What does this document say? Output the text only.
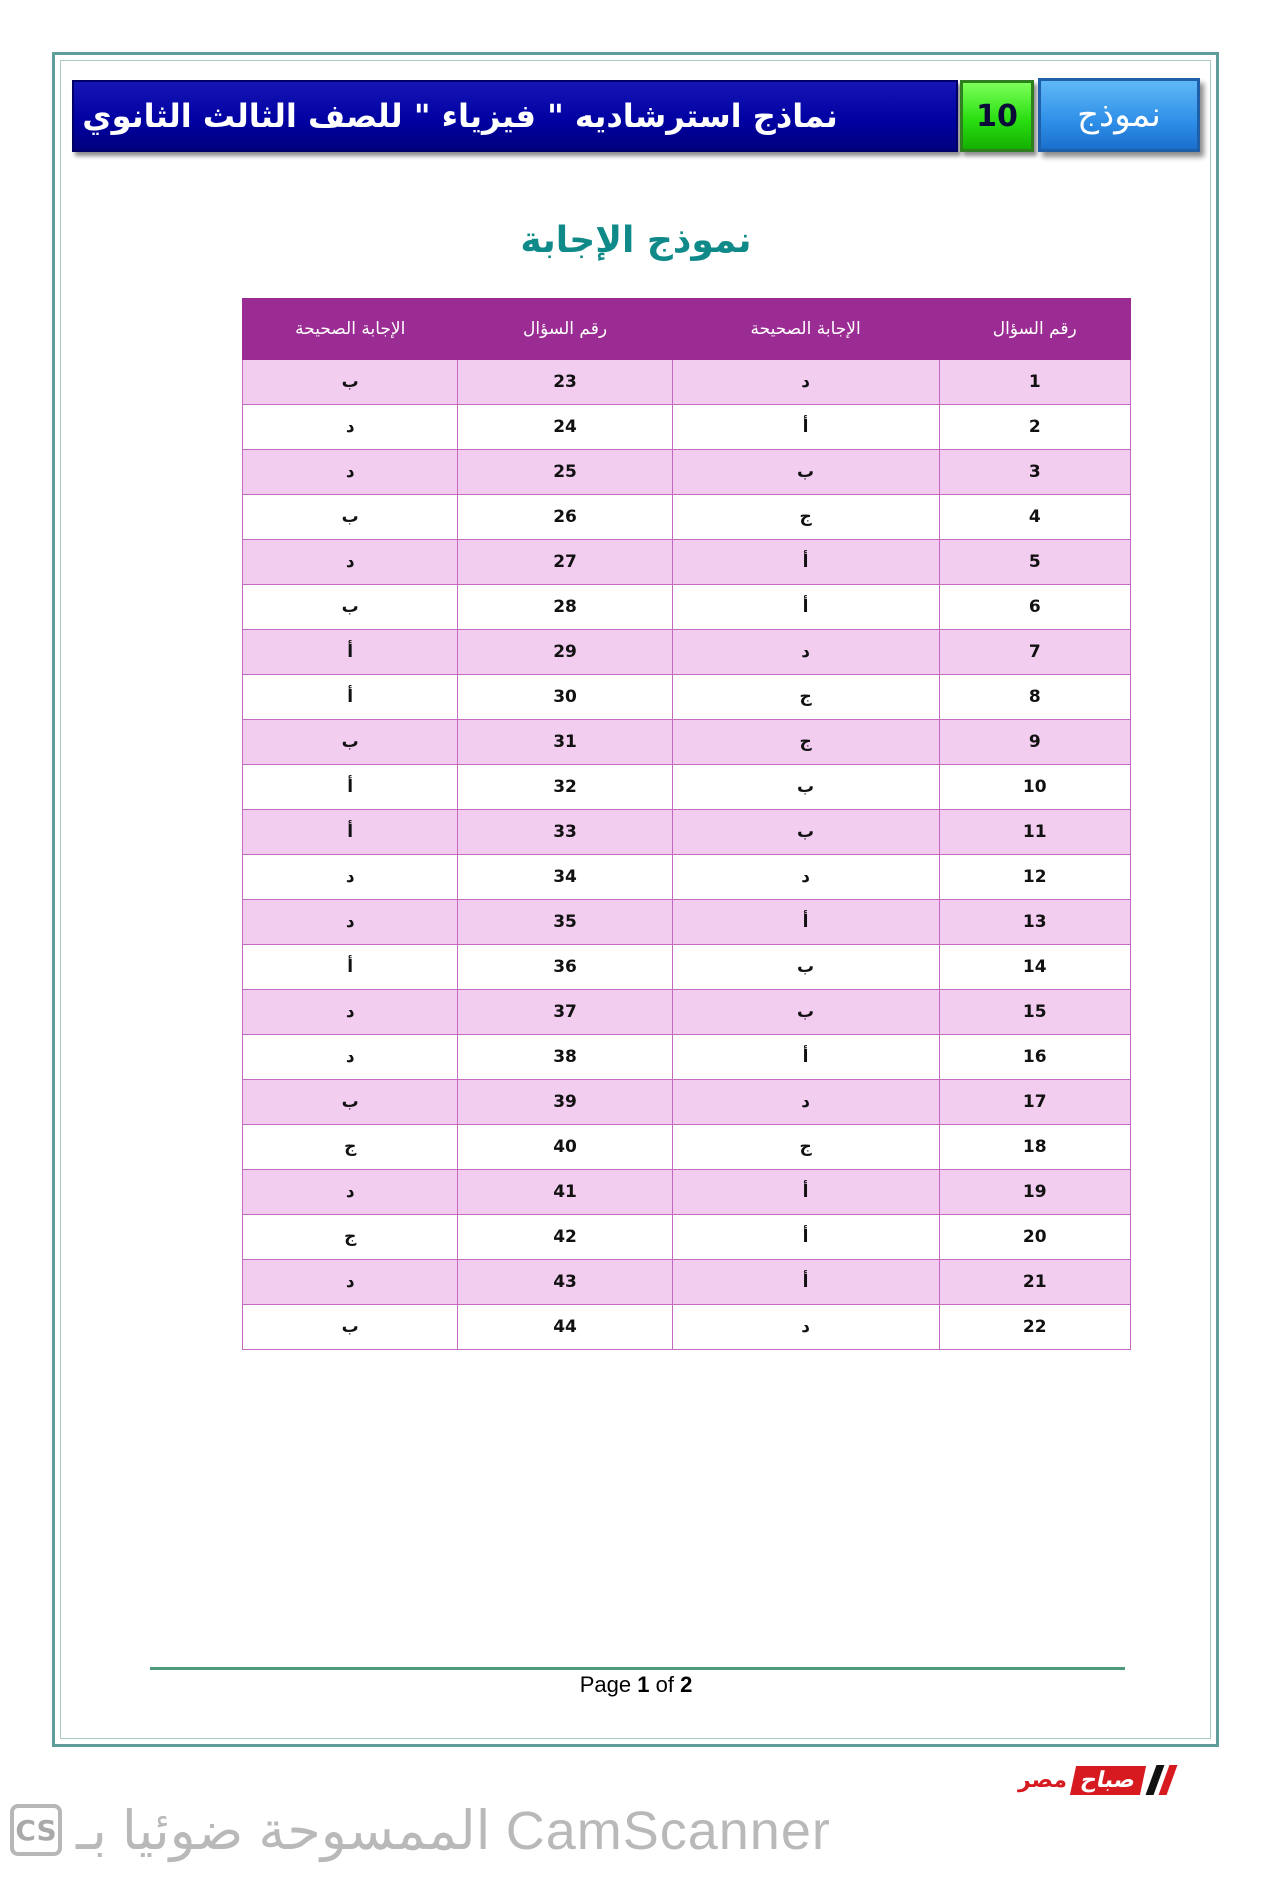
نماذج استرشاديه " فيزياء " للصف الثالث الثانوي	10	نموذج
نموذج الإجابة
رقم السؤال	الإجابة الصحيحة	رقم السؤال	الإجابة الصحيحة
1	د	23	ب
2	أ	24	د
3	ب	25	د
4	ج	26	ب
5	أ	27	د
6	أ	28	ب
7	د	29	أ
8	ج	30	أ
9	ج	31	ب
10	ب	32	أ
11	ب	33	أ
12	د	34	د
13	أ	35	د
14	ب	36	أ
15	ب	37	د
16	أ	38	د
17	د	39	ب
18	ج	40	ج
19	أ	41	د
20	أ	42	ج
21	أ	43	د
22	د	44	ب
Page 1 of 2
CS الممسوحة ضوئيا بـ CamScanner
مصر صباح
